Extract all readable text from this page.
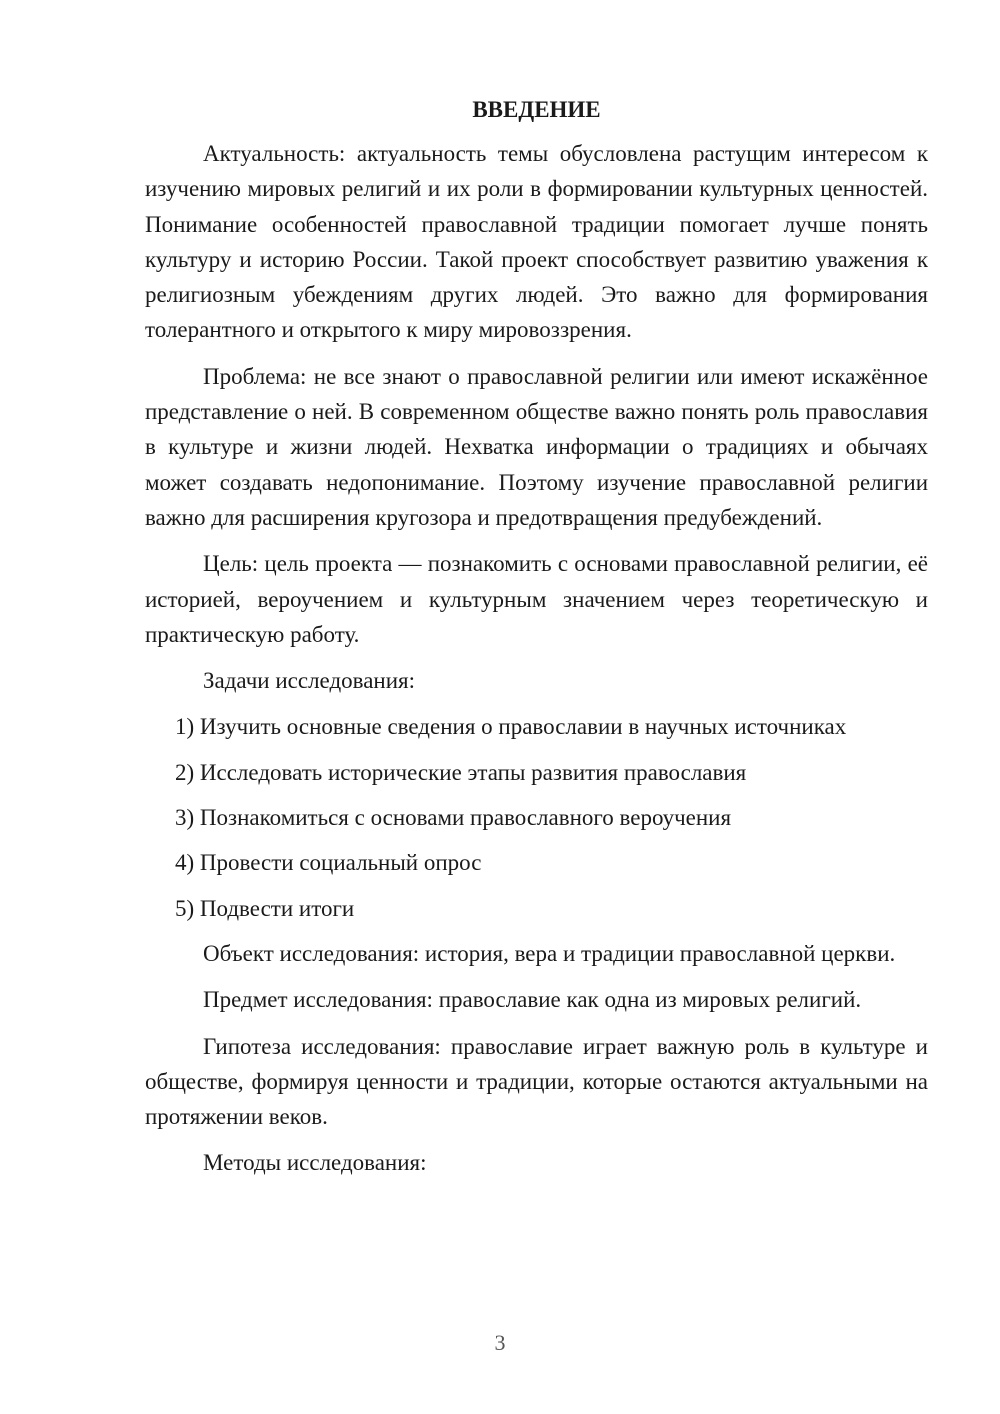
ВВЕДЕНИЕ

Актуальность: актуальность темы обусловлена растущим интересом к изучению мировых религий и их роли в формировании культурных ценностей. Понимание особенностей православной традиции помогает лучше понять культуру и историю России. Такой проект способствует развитию уважения к религиозным убеждениям других людей. Это важно для формирования толерантного и открытого к миру мировоззрения.

Проблема: не все знают о православной религии или имеют искажённое представление о ней. В современном обществе важно понять роль православия в культуре и жизни людей. Нехватка информации о традициях и обычаях может создавать недопонимание. Поэтому изучение православной религии важно для расширения кругозора и предотвращения предубеждений.

Цель: цель проекта — познакомить с основами православной религии, её историей, вероучением и культурным значением через теоретическую и практическую работу.

Задачи исследования:

1) Изучить основные сведения о православии в научных источниках
2) Исследовать исторические этапы развития православия
3) Познакомиться с основами православного вероучения
4) Провести социальный опрос
5) Подвести итоги

Объект исследования: история, вера и традиции православной церкви.

Предмет исследования: православие как одна из мировых религий.

Гипотеза исследования: православие играет важную роль в культуре и обществе, формируя ценности и традиции, которые остаются актуальными на протяжении веков.

Методы исследования:

3
